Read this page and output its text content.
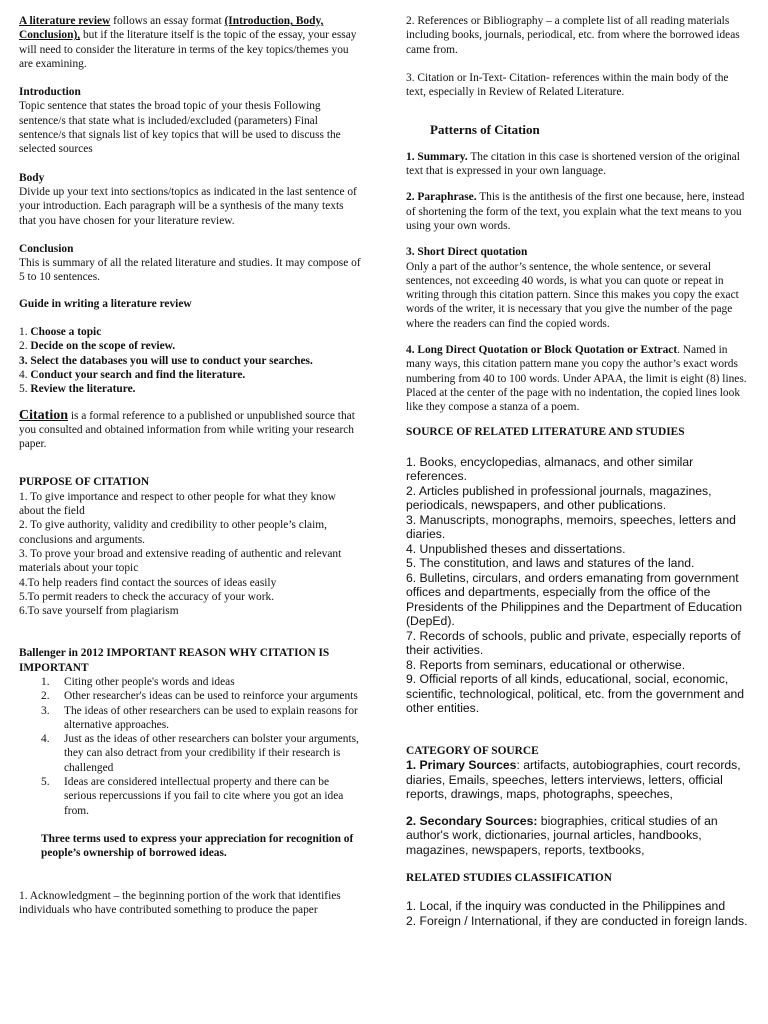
A literature review follows an essay format (Introduction, Body, Conclusion), but if the literature itself is the topic of the essay, your essay will need to consider the literature in terms of the key topics/themes you are examining.

Introduction

Topic sentence that states the broad topic of your thesis Following sentence/s that state what is included/excluded (parameters) Final sentence/s that signals list of key topics that will be used to discuss the selected sources

Body

Divide up your text into sections/topics as indicated in the last sentence of your introduction. Each paragraph will be a synthesis of the many texts that you have chosen for your literature review.

Conclusion

This is summary of all the related literature and studies. It may compose of 5 to 10 sentences.

Guide in writing a literature review

1. Choose a topic

2. Decide on the scope of review.

3. Select the databases you will use to conduct your searches.

4. Conduct your search and find the literature.

5. Review the literature.

Citation is a formal reference to a published or unpublished source that you consulted and obtained information from while writing your research paper.

PURPOSE OF CITATION

1. To give importance and respect to other people for what they know about the field

2. To give authority, validity and credibility to other people’s claim, conclusions and arguments.

3. To prove your broad and extensive reading of authentic and relevant materials about your topic

4.To help readers find contact the sources of ideas easily

5.To permit readers to check the accuracy of your work.

6.To save yourself from plagiarism

Ballenger in 2012 IMPORTANT REASON WHY CITATION IS IMPORTANT

1.	Citing other people's words and ideas
2.	Other researcher's ideas can be used to reinforce your arguments
3.	The ideas of other researchers can be used to explain reasons for alternative approaches.
4.	Just as the ideas of other researchers can bolster your arguments, they can also detract from your credibility if their research is challenged
5.	Ideas are considered intellectual property and there can be serious repercussions if you fail to cite where you got an idea from.

Three terms used to express your appreciation for recognition of people’s ownership of borrowed ideas.

1. Acknowledgment – the beginning portion of the work that identifies individuals who have contributed something to produce the paper

2. References or Bibliography – a complete list of all reading materials including books, journals, periodical, etc. from where the borrowed ideas came from.

3. Citation or In-Text- Citation- references within the main body of the text, especially in Review of Related Literature.

Patterns of Citation

1. Summary. The citation in this case is shortened version of the original text that is expressed in your own language.

2. Paraphrase. This is the antithesis of the first one because, here, instead of shortening the form of the text, you explain what the text means to you using your own words.

3. Short Direct quotation

Only a part of the author’s sentence, the whole sentence, or several sentences, not exceeding 40 words, is what you can quote or repeat in writing through this citation pattern. Since this makes you copy the exact words of the writer, it is necessary that you give the number of the page where the readers can find the copied words.

4. Long Direct Quotation or Block Quotation or Extract. Named in many ways, this citation pattern mane you copy the author’s exact words numbering from 40 to 100 words. Under APAA, the limit is eight (8) lines. Placed at the center of the page with no indentation, the copied lines look like they compose a stanza of a poem.

SOURCE OF RELATED LITERATURE AND STUDIES

1. Books, encyclopedias, almanacs, and other similar references.

2. Articles published in professional journals, magazines, periodicals, newspapers, and other publications.

3. Manuscripts, monographs, memoirs, speeches, letters and diaries.

4. Unpublished theses and dissertations.

5. The constitution, and laws and statures of the land.

6. Bulletins, circulars, and orders emanating from government offices and departments, especially from the office of the Presidents of the Philippines and the Department of Education (DepEd).

7. Records of schools, public and private, especially reports of their activities.

8. Reports from seminars, educational or otherwise.

9. Official reports of all kinds, educational, social, economic, scientific, technological, political, etc. from the government and other entities.

CATEGORY OF SOURCE

1. Primary Sources: artifacts, autobiographies, court records, diaries, Emails, speeches, letters interviews, letters, official reports, drawings, maps, photographs, speeches,

2. Secondary Sources: biographies, critical studies of an author's work, dictionaries, journal articles, handbooks, magazines, newspapers, reports, textbooks,

RELATED STUDIES CLASSIFICATION

1. Local, if the inquiry was conducted in the Philippines and

2. Foreign / International, if they are conducted in foreign lands.
